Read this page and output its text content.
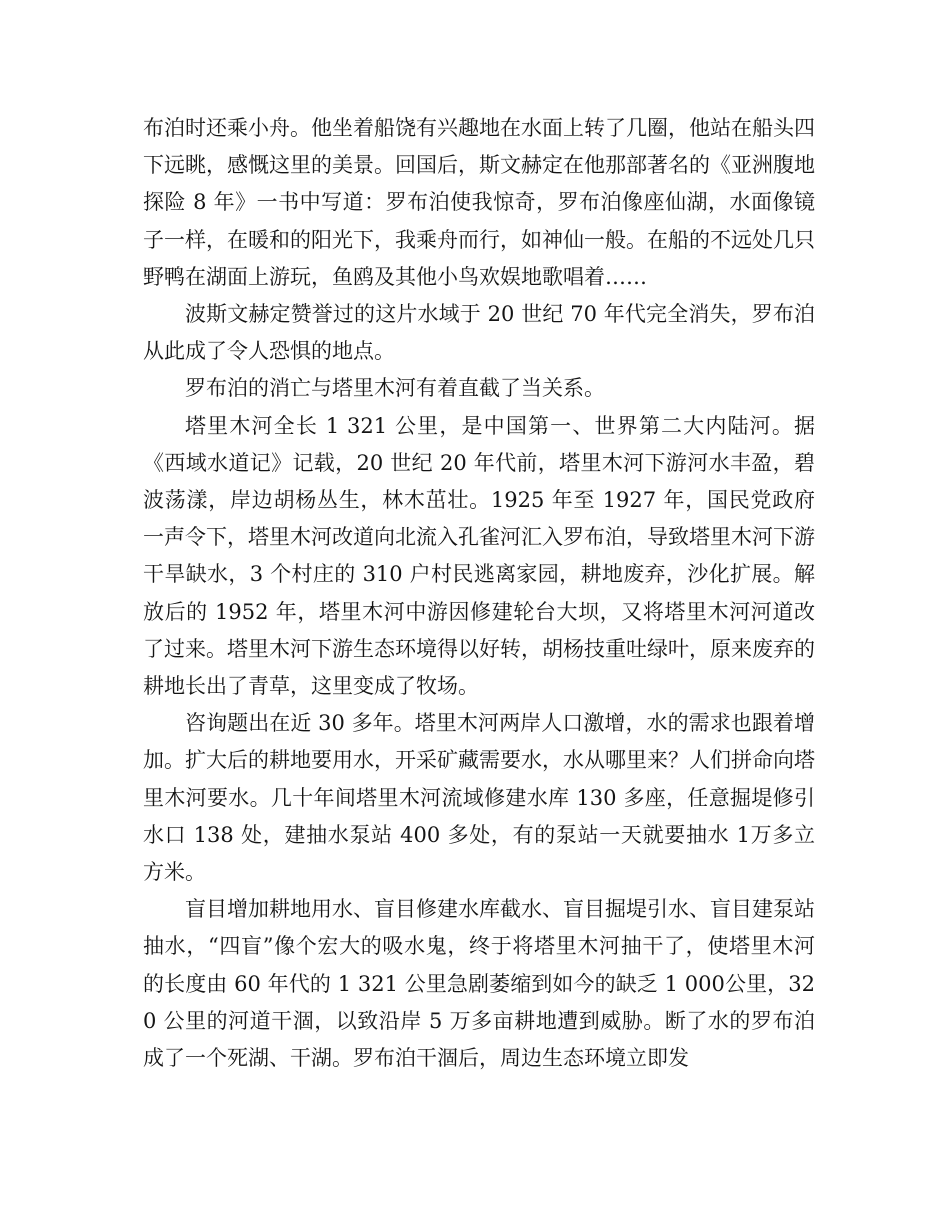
布泊时还乘小舟。他坐着船饶有兴趣地在水面上转了几圈，他站在船头四下远眺，感慨这里的美景。回国后，斯文赫定在他那部著名的《亚洲腹地探险 8 年》一书中写道：罗布泊使我惊奇，罗布泊像座仙湖，水面像镜子一样，在暖和的阳光下，我乘舟而行，如神仙一般。在船的不远处几只野鸭在湖面上游玩，鱼鸥及其他小鸟欢娱地歌唱着……

波斯文赫定赞誉过的这片水域于 20 世纪 70 年代完全消失，罗布泊从此成了令人恐惧的地点。

罗布泊的消亡与塔里木河有着直截了当关系。

塔里木河全长 1 321 公里，是中国第一、世界第二大内陆河。据《西域水道记》记载，20 世纪 20 年代前，塔里木河下游河水丰盈，碧波荡漾，岸边胡杨丛生，林木茁壮。1925 年至 1927 年，国民党政府一声令下，塔里木河改道向北流入孔雀河汇入罗布泊，导致塔里木河下游干旱缺水，3 个村庄的 310 户村民逃离家园，耕地废弃，沙化扩展。解放后的 1952 年，塔里木河中游因修建轮台大坝，又将塔里木河河道改了过来。塔里木河下游生态环境得以好转，胡杨技重吐绿叶，原来废弃的耕地长出了青草，这里变成了牧场。

咨询题出在近 30 多年。塔里木河两岸人口激增，水的需求也跟着增加。扩大后的耕地要用水，开采矿藏需要水，水从哪里来？人们拼命向塔里木河要水。几十年间塔里木河流域修建水库 130 多座，任意掘堤修引水口 138 处，建抽水泵站 400 多处，有的泵站一天就要抽水 1万多立方米。

盲目增加耕地用水、盲目修建水库截水、盲目掘堤引水、盲目建泵站抽水，“四盲”像个宏大的吸水鬼，终于将塔里木河抽干了，使塔里木河的长度由 60 年代的 1 321 公里急剧萎缩到如今的缺乏 1 000公里，320 公里的河道干涸，以致沿岸 5 万多亩耕地遭到威胁。断了水的罗布泊成了一个死湖、干湖。罗布泊干涸后，周边生态环境立即发
